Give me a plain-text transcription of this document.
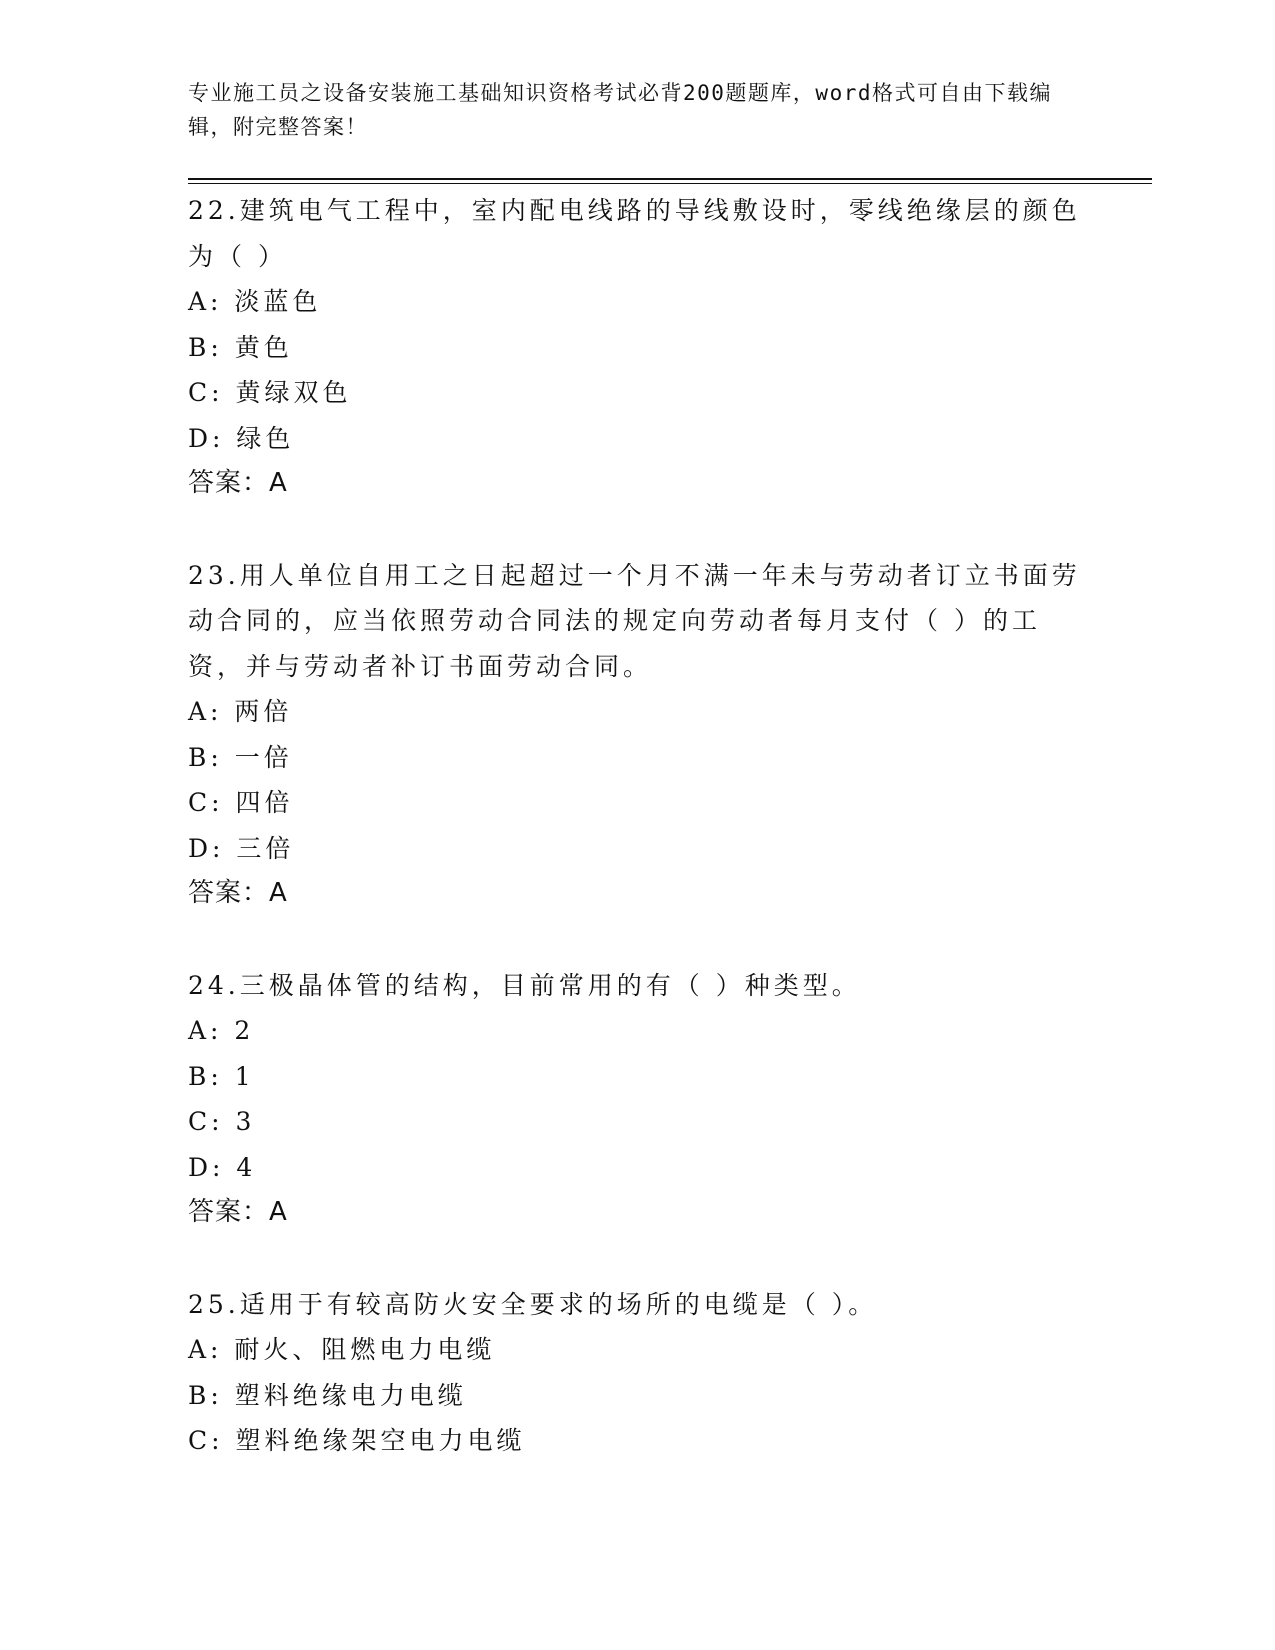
专业施工员之设备安装施工基础知识资格考试必背200题题库，word格式可自由下载编辑，附完整答案！
22.建筑电气工程中，室内配电线路的导线敷设时，零线绝缘层的颜色为（ ）
A: 淡蓝色
B: 黄色
C: 黄绿双色
D: 绿色
答案：A
23.用人单位自用工之日起超过一个月不满一年未与劳动者订立书面劳动合同的，应当依照劳动合同法的规定向劳动者每月支付（ ）的工资，并与劳动者补订书面劳动合同。
A: 两倍
B: 一倍
C: 四倍
D: 三倍
答案：A
24.三极晶体管的结构，目前常用的有（ ）种类型。
A: 2
B: 1
C: 3
D: 4
答案：A
25.适用于有较高防火安全要求的场所的电缆是（ ）。
A: 耐火、阻燃电力电缆
B: 塑料绝缘电力电缆
C: 塑料绝缘架空电力电缆
